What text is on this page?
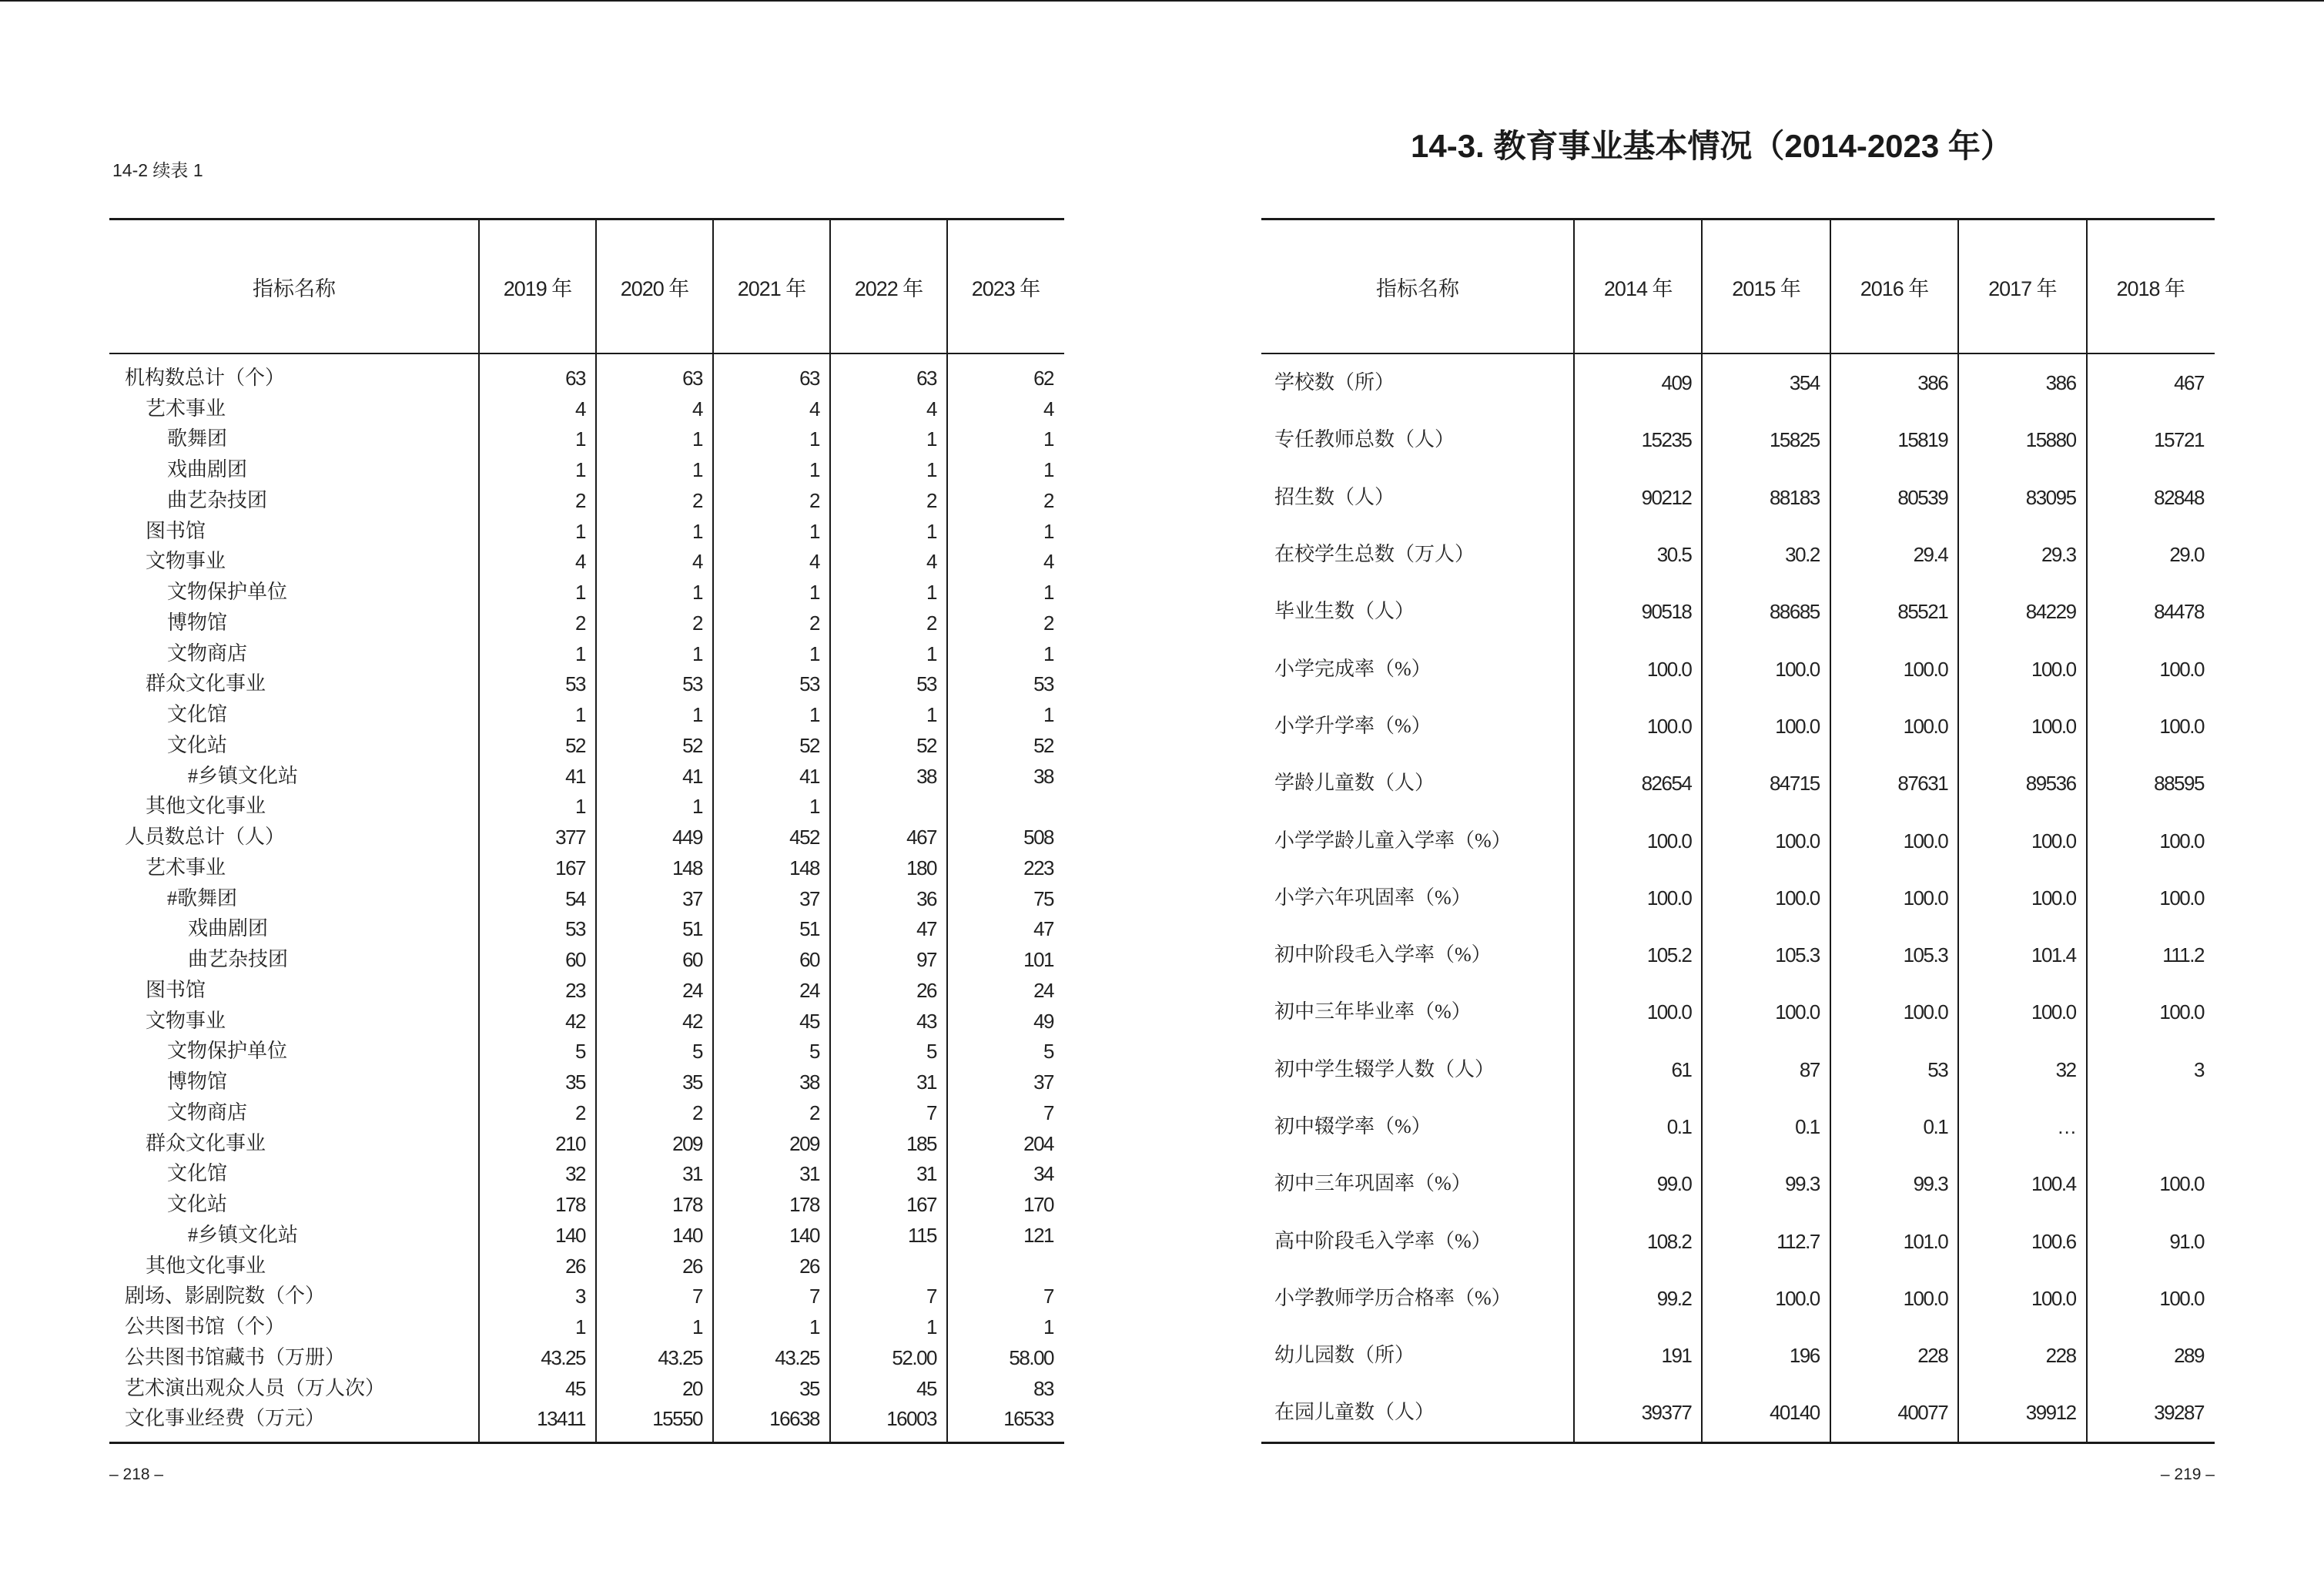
14-2 续表 1
指标名称	2019 年	2020 年	2021 年	2022 年	2023 年
机构数总计（个）	63	63	63	63	62
艺术事业	4	4	4	4	4
歌舞团	1	1	1	1	1
戏曲剧团	1	1	1	1	1
曲艺杂技团	2	2	2	2	2
图书馆	1	1	1	1	1
文物事业	4	4	4	4	4
文物保护单位	1	1	1	1	1
博物馆	2	2	2	2	2
文物商店	1	1	1	1	1
群众文化事业	53	53	53	53	53
文化馆	1	1	1	1	1
文化站	52	52	52	52	52
#乡镇文化站	41	41	41	38	38
其他文化事业	1	1	1
人员数总计（人）	377	449	452	467	508
艺术事业	167	148	148	180	223
#歌舞团	54	37	37	36	75
戏曲剧团	53	51	51	47	47
曲艺杂技团	60	60	60	97	101
图书馆	23	24	24	26	24
文物事业	42	42	45	43	49
文物保护单位	5	5	5	5	5
博物馆	35	35	38	31	37
文物商店	2	2	2	7	7
群众文化事业	210	209	209	185	204
文化馆	32	31	31	31	34
文化站	178	178	178	167	170
#乡镇文化站	140	140	140	115	121
其他文化事业	26	26	26
剧场、影剧院数（个）	3	7	7	7	7
公共图书馆（个）	1	1	1	1	1
公共图书馆藏书（万册）	43.25	43.25	43.25	52.00	58.00
艺术演出观众人员（万人次）	45	20	35	45	83
文化事业经费（万元）	13411	15550	16638	16003	16533
– 218 –
14-3. 教育事业基本情况（2014-2023 年）
指标名称	2014 年	2015 年	2016 年	2017 年	2018 年
学校数（所）	409	354	386	386	467
专任教师总数（人）	15235	15825	15819	15880	15721
招生数（人）	90212	88183	80539	83095	82848
在校学生总数（万人）	30.5	30.2	29.4	29.3	29.0
毕业生数（人）	90518	88685	85521	84229	84478
小学完成率（%）	100.0	100.0	100.0	100.0	100.0
小学升学率（%）	100.0	100.0	100.0	100.0	100.0
学龄儿童数（人）	82654	84715	87631	89536	88595
小学学龄儿童入学率（%）	100.0	100.0	100.0	100.0	100.0
小学六年巩固率（%）	100.0	100.0	100.0	100.0	100.0
初中阶段毛入学率（%）	105.2	105.3	105.3	101.4	111.2
初中三年毕业率（%）	100.0	100.0	100.0	100.0	100.0
初中学生辍学人数（人）	61	87	53	32	3
初中辍学率（%）	0.1	0.1	0.1	…
初中三年巩固率（%）	99.0	99.3	99.3	100.4	100.0
高中阶段毛入学率（%）	108.2	112.7	101.0	100.6	91.0
小学教师学历合格率（%）	99.2	100.0	100.0	100.0	100.0
幼儿园数（所）	191	196	228	228	289
在园儿童数（人）	39377	40140	40077	39912	39287
– 219 –
